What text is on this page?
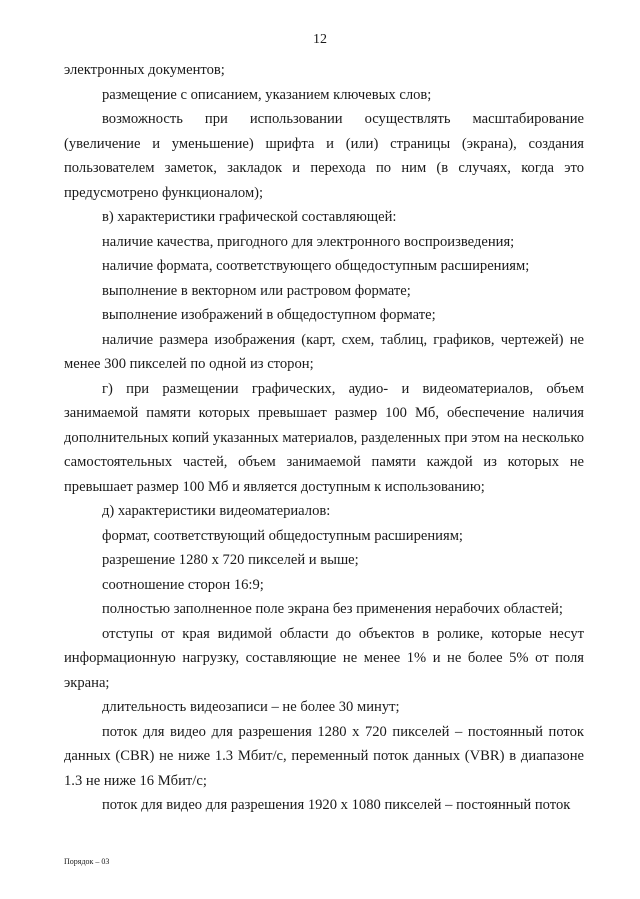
12

электронных документов;

размещение с описанием, указанием ключевых слов;

возможность при использовании осуществлять масштабирование (увеличение и уменьшение) шрифта и (или) страницы (экрана), создания пользователем заметок, закладок и перехода по ним (в случаях, когда это предусмотрено функционалом);

в) характеристики графической составляющей:

наличие качества, пригодного для электронного воспроизведения;

наличие формата, соответствующего общедоступным расширениям;

выполнение в векторном или растровом формате;

выполнение изображений в общедоступном формате;

наличие размера изображения (карт, схем, таблиц, графиков, чертежей) не менее 300 пикселей по одной из сторон;

г) при размещении графических, аудио- и видеоматериалов, объем занимаемой памяти которых превышает размер 100 Мб, обеспечение наличия дополнительных копий указанных материалов, разделенных при этом на несколько самостоятельных частей, объем занимаемой памяти каждой из которых не превышает размер 100 Мб и является доступным к использованию;

д) характеристики видеоматериалов:

формат, соответствующий общедоступным расширениям;

разрешение 1280 x 720 пикселей и выше;

соотношение сторон 16:9;

полностью заполненное поле экрана без применения нерабочих областей;

отступы от края видимой области до объектов в ролике, которые несут информационную нагрузку, составляющие не менее 1% и не более 5% от поля экрана;

длительность видеозаписи – не более 30 минут;

поток для видео для разрешения 1280 x 720 пикселей – постоянный поток данных (CBR) не ниже 1.3 Мбит/с, переменный поток данных (VBR) в диапазоне 1.3 не ниже 16 Мбит/с;

поток для видео для разрешения 1920 x 1080 пикселей – постоянный поток

Порядок – 03
